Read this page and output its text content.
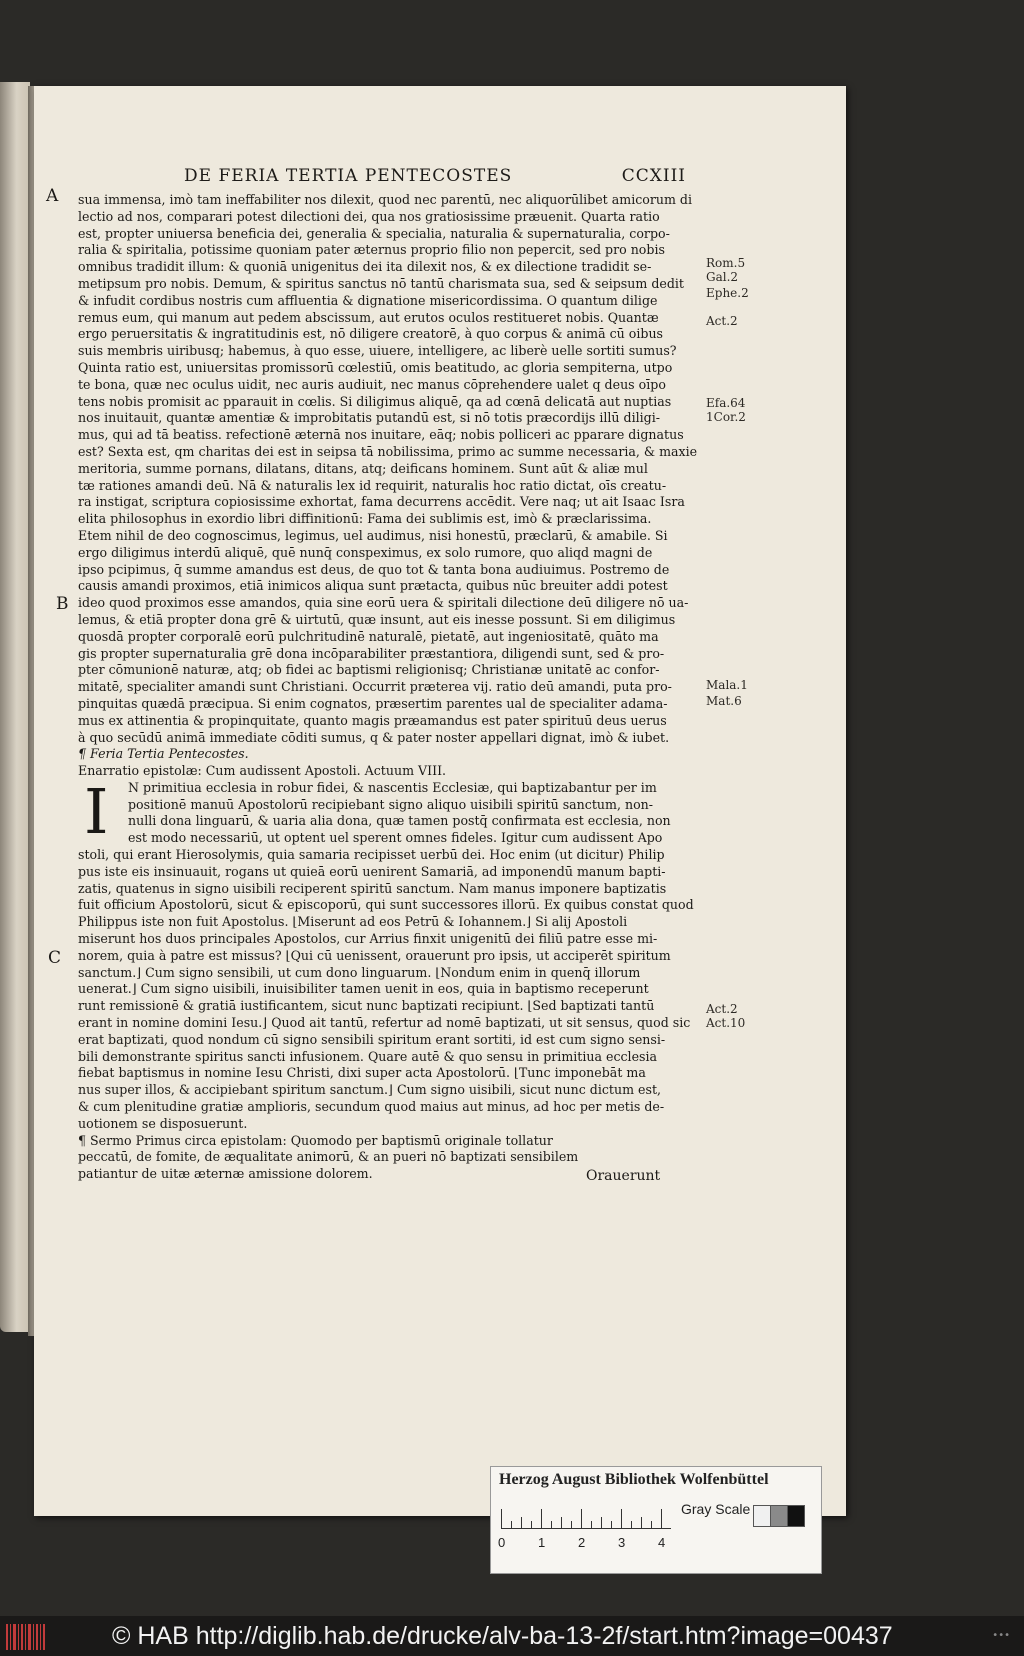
DE FERIA TERTIA PENTECOSTES	CCXIII
A
B
C
Rom.5
Gal.2
Ephe.2
Act.2
Efa.64
1Cor.2
Mala.1
Mat.6
Act.2
Act.10

sua immensa, imò tam ineffabiliter nos dilexit, quod nec parentū, nec aliquorūlibet amicorum di

lectio ad nos, comparari potest dilectioni dei, qua nos gratiosissime præuenit. Quarta ratio

est, propter uniuersa beneficia dei, generalia & specialia, naturalia & supernaturalia, corpo-

ralia & spiritalia, potissime quoniam pater æternus proprio filio non pepercit, sed pro nobis

omnibus tradidit illum: & quoniā unigenitus dei ita dilexit nos, & ex dilectione tradidit se-

metipsum pro nobis. Demum, & spiritus sanctus nō tantū charismata sua, sed & seipsum dedit

& infudit cordibus nostris cum affluentia & dignatione misericordissima. O quantum dilige

remus eum, qui manum aut pedem abscissum, aut erutos oculos restitueret nobis. Quantæ

ergo peruersitatis & ingratitudinis est, nō diligere creatorē, à quo corpus & animā cū oibus

suis membris uiribusq; habemus, à quo esse, uiuere, intelligere, ac liberè uelle sortiti sumus?

Quinta ratio est, uniuersitas promissorū cœlestiū, omis beatitudo, ac gloria sempiterna, utpo

te bona, quæ nec oculus uidit, nec auris audiuit, nec manus cōprehendere ualet q deus oīpo

tens nobis promisit ac pparauit in cœlis. Si diligimus aliquē, qa ad cœnā delicatā aut nuptias

nos inuitauit, quantæ amentiæ & improbitatis putandū est, si nō totis præcordijs illū diligi-

mus, qui ad tā beatiss. refectionē æternā nos inuitare, eāq; nobis polliceri ac pparare dignatus

est? Sexta est, qm charitas dei est in seipsa tā nobilissima, primo ac summe necessaria, & maxie

meritoria, summe pornans, dilatans, ditans, atq; deificans hominem. Sunt aūt & aliæ mul

tæ rationes amandi deū. Nā & naturalis lex id requirit, naturalis hoc ratio dictat, oīs creatu-

ra instigat, scriptura copiosissime exhortat, fama decurrens accēdit. Vere naq; ut ait Isaac Isra

elita philosophus in exordio libri diffinitionū: Fama dei sublimis est, imò & præclarissima.

Etem nihil de deo cognoscimus, legimus, uel audimus, nisi honestū, præclarū, & amabile. Si

ergo diligimus interdū aliquē, quē nunq̄ conspeximus, ex solo rumore, quo aliqd magni de

ipso pcipimus, q̄ summe amandus est deus, de quo tot & tanta bona audiuimus. Postremo de

causis amandi proximos, etiā inimicos aliqua sunt prætacta, quibus nūc breuiter addi potest

ideo quod proximos esse amandos, quia sine eorū uera & spiritali dilectione deū diligere nō ua-

lemus, & etiā propter dona grē & uirtutū, quæ insunt, aut eis inesse possunt. Si em diligimus

quosdā propter corporalē eorū pulchritudinē naturalē, pietatē, aut ingeniositatē, quāto ma

gis propter supernaturalia grē dona incōparabiliter præstantiora, diligendi sunt, sed & pro-

pter cōmunionē naturæ, atq; ob fidei ac baptismi religionisq; Christianæ unitatē ac confor-

mitatē, specialiter amandi sunt Christiani. Occurrit præterea vij. ratio deū amandi, puta pro-

pinquitas quædā præcipua. Si enim cognatos, præsertim parentes ual de specialiter adama-

mus ex attinentia & propinquitate, quanto magis præamandus est pater spirituū deus uerus

à quo secūdū animā immediate cōditi sumus, q & pater noster appellari dignat, imò & iubet.

¶ Feria Tertia Pentecostes.

Enarratio epistolæ: Cum audissent Apostoli. Actuum VIII.

I	N primitiua ecclesia in robur fidei, & nascentis Ecclesiæ, qui baptizabantur per im

positionē manuū Apostolorū recipiebant signo aliquo uisibili spiritū sanctum, non-

nulli dona linguarū, & uaria alia dona, quæ tamen postq̄ confirmata est ecclesia, non

est modo necessariū, ut optent uel sperent omnes fideles. Igitur cum audissent Apo

stoli, qui erant Hierosolymis, quia samaria recipisset uerbū dei. Hoc enim (ut dicitur) Philip

pus iste eis insinuauit, rogans ut quieā eorū uenirent Samariā, ad imponendū manum bapti-

zatis, quatenus in signo uisibili reciperent spiritū sanctum. Nam manus imponere baptizatis

fuit officium Apostolorū, sicut & episcoporū, qui sunt successores illorū. Ex quibus constat quod

Philippus iste non fuit Apostolus. ⌊Miserunt ad eos Petrū & Iohannem.⌋ Si alij Apostoli

miserunt hos duos principales Apostolos, cur Arrius finxit unigenitū dei filiū patre esse mi-

norem, quia à patre est missus? ⌊Qui cū uenissent, orauerunt pro ipsis, ut acciperēt spiritum

sanctum.⌋ Cum signo sensibili, ut cum dono linguarum. ⌊Nondum enim in quenq̄ illorum

uenerat.⌋ Cum signo uisibili, inuisibiliter tamen uenit in eos, quia in baptismo receperunt

runt remissionē & gratiā iustificantem, sicut nunc baptizati recipiunt. ⌊Sed baptizati tantū

erant in nomine domini Iesu.⌋ Quod ait tantū, refertur ad nomē baptizati, ut sit sensus, quod sic

erat baptizati, quod nondum cū signo sensibili spiritum erant sortiti, id est cum signo sensi-

bili demonstrante spiritus sancti infusionem. Quare autē & quo sensu in primitiua ecclesia

fiebat baptismus in nomine Iesu Christi, dixi super acta Apostolorū. ⌊Tunc imponebāt ma

nus super illos, & accipiebant spiritum sanctum.⌋ Cum signo uisibili, sicut nunc dictum est,

& cum plenitudine gratiæ amplioris, secundum quod maius aut minus, ad hoc per metis de-

uotionem se disposuerunt.

¶ Sermo Primus circa epistolam: Quomodo per baptismū originale tollatur

peccatū, de fomite, de æqualitate animorū, & an pueri nō baptizati sensibilem

patiantur de uitæ æternæ amissione dolorem.	Orauerunt
Herzog August Bibliothek Wolfenbüttel
0	1	2	3	4
Gray Scale
© HAB http://diglib.hab.de/drucke/alv-ba-13-2f/start.htm?image=00437	•••
